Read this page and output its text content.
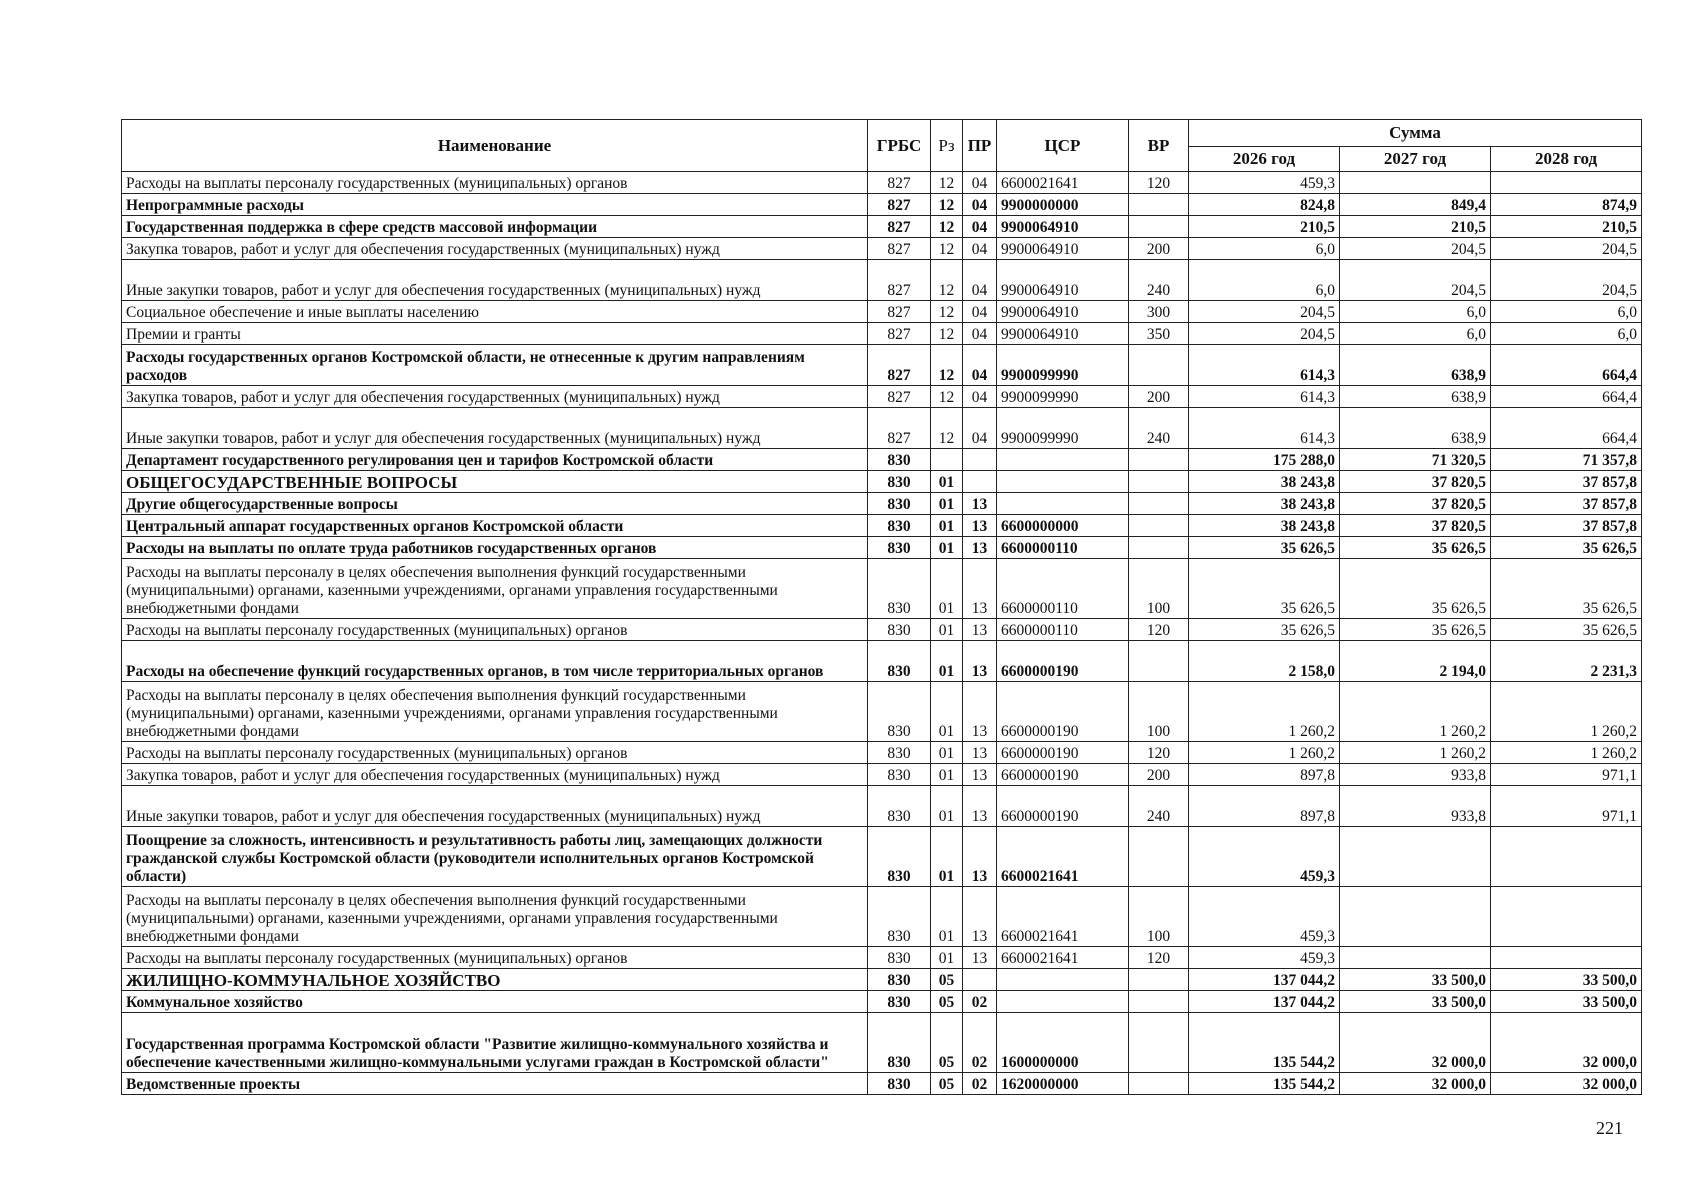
Наименование	ГРБС	Рз	ПР	ЦСР	ВР	Сумма		
						2026 год	2027 год	2028 год
Расходы на выплаты персоналу государственных (муниципальных) органов	827	12	04	6600021641	120	459,3		
Непрограммные расходы	827	12	04	9900000000		824,8	849,4	874,9
Государственная поддержка в сфере средств массовой информации	827	12	04	9900064910		210,5	210,5	210,5
Закупка товаров, работ и услуг для обеспечения государственных (муниципальных) нужд	827	12	04	9900064910	200	6,0	204,5	204,5
Иные закупки товаров, работ и услуг для обеспечения государственных (муниципальных) нужд	827	12	04	9900064910	240	6,0	204,5	204,5
Социальное обеспечение и иные выплаты населению	827	12	04	9900064910	300	204,5	6,0	6,0
Премии и гранты	827	12	04	9900064910	350	204,5	6,0	6,0
Расходы государственных органов Костромской области, не отнесенные к другим направлениям расходов	827	12	04	9900099990		614,3	638,9	664,4
Закупка товаров, работ и услуг для обеспечения государственных (муниципальных) нужд	827	12	04	9900099990	200	614,3	638,9	664,4
Иные закупки товаров, работ и услуг для обеспечения государственных (муниципальных) нужд	827	12	04	9900099990	240	614,3	638,9	664,4
Департамент государственного регулирования цен и тарифов Костромской области	830					175 288,0	71 320,5	71 357,8
ОБЩЕГОСУДАРСТВЕННЫЕ ВОПРОСЫ	830	01				38 243,8	37 820,5	37 857,8
Другие общегосударственные вопросы	830	01	13			38 243,8	37 820,5	37 857,8
Центральный аппарат государственных органов Костромской области	830	01	13	6600000000		38 243,8	37 820,5	37 857,8
Расходы на выплаты по оплате труда работников государственных органов	830	01	13	6600000110		35 626,5	35 626,5	35 626,5
Расходы на выплаты персоналу в целях обеспечения выполнения функций государственными (муниципальными) органами, казенными учреждениями, органами управления государственными внебюджетными фондами	830	01	13	6600000110	100	35 626,5	35 626,5	35 626,5
Расходы на выплаты персоналу государственных (муниципальных) органов	830	01	13	6600000110	120	35 626,5	35 626,5	35 626,5
Расходы на обеспечение функций государственных органов, в том числе территориальных органов	830	01	13	6600000190		2 158,0	2 194,0	2 231,3
Расходы на выплаты персоналу в целях обеспечения выполнения функций государственными (муниципальными) органами, казенными учреждениями, органами управления государственными внебюджетными фондами	830	01	13	6600000190	100	1 260,2	1 260,2	1 260,2
Расходы на выплаты персоналу государственных (муниципальных) органов	830	01	13	6600000190	120	1 260,2	1 260,2	1 260,2
Закупка товаров, работ и услуг для обеспечения государственных (муниципальных) нужд	830	01	13	6600000190	200	897,8	933,8	971,1
Иные закупки товаров, работ и услуг для обеспечения государственных (муниципальных) нужд	830	01	13	6600000190	240	897,8	933,8	971,1
Поощрение за сложность, интенсивность и результативность работы лиц, замещающих должности гражданской службы Костромской области (руководители исполнительных органов Костромской области)	830	01	13	6600021641		459,3		
Расходы на выплаты персоналу в целях обеспечения выполнения функций государственными (муниципальными) органами, казенными учреждениями, органами управления государственными внебюджетными фондами	830	01	13	6600021641	100	459,3		
Расходы на выплаты персоналу государственных (муниципальных) органов	830	01	13	6600021641	120	459,3		
ЖИЛИЩНО-КОММУНАЛЬНОЕ ХОЗЯЙСТВО	830	05				137 044,2	33 500,0	33 500,0
Коммунальное хозяйство	830	05	02			137 044,2	33 500,0	33 500,0
Государственная программа Костромской области "Развитие жилищно-коммунального хозяйства и обеспечение качественными жилищно-коммунальными услугами граждан в Костромской области"	830	05	02	1600000000		135 544,2	32 000,0	32 000,0
Ведомственные проекты	830	05	02	1620000000		135 544,2	32 000,0	32 000,0
221
